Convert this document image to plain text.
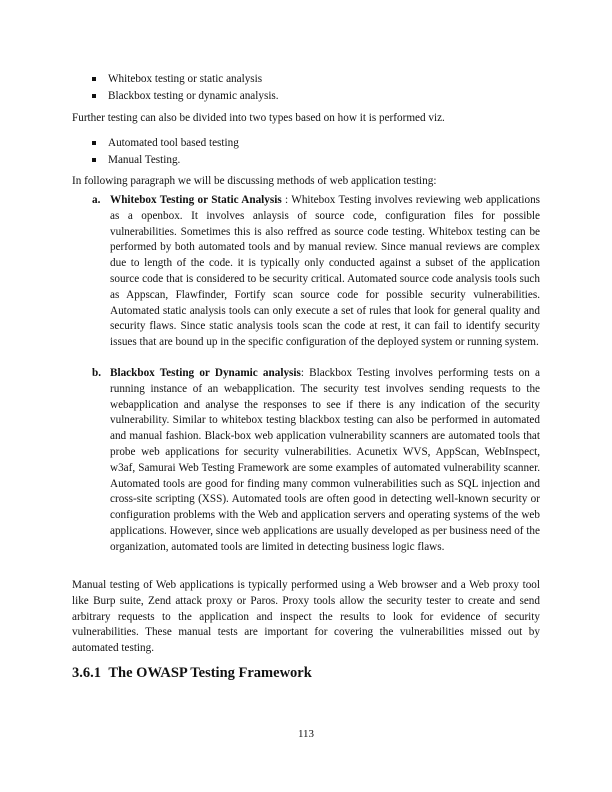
Whitebox testing or static analysis
Blackbox testing or dynamic analysis.

Further testing can also be divided into two types based on how it is performed viz.

Automated tool based testing
Manual Testing.

In following paragraph we will be discussing methods of web application testing:

a. Whitebox Testing or Static Analysis : Whitebox Testing involves reviewing web applications as a openbox. It involves anlaysis of source code, configuration files for possible vulnerabilities. Sometimes this is also reffred as source code testing. Whitebox testing can be performed by both automated tools and by manual review. Since manual reviews are complex due to length of the code. it is typically only conducted against a subset of the application source code that is considered to be security critical. Automated source code analysis tools such as Appscan, Flawfinder, Fortify scan source code for possible security vulnerabilities. Automated static analysis tools can only execute a set of rules that look for general quality and security flaws. Since static analysis tools scan the code at rest, it can fail to identify security issues that are bound up in the specific configuration of the deployed system or running system.
b. Blackbox Testing or Dynamic analysis: Blackbox Testing involves performing tests on a running instance of an webapplication. The security test involves sending requests to the webapplication and analyse the responses to see if there is any indication of the security vulnerability. Similar to whitebox testing blackbox testing can also be performed in automated and manual fashion. Black-box web application vulnerability scanners are automated tools that probe web applications for security vulnerabilities. Acunetix WVS, AppScan, WebInspect, w3af, Samurai Web Testing Framework are some examples of automated vulnerability scanner. Automated tools are good for finding many common vulnerabilities such as SQL injection and cross-site scripting (XSS). Automated tools are often good in detecting well-known security or configuration problems with the Web and application servers and operating systems of the web applications. However, since web applications are usually developed as per business need of the organization, automated tools are limited in detecting business logic flaws.

Manual testing of Web applications is typically performed using a Web browser and a Web proxy tool like Burp suite, Zend attack proxy or Paros. Proxy tools allow the security tester to create and send arbitrary requests to the application and inspect the results to look for evidence of security vulnerabilities. These manual tests are important for covering the vulnerabilities missed out by automated testing.

3.6.1 The OWASP Testing Framework
113
